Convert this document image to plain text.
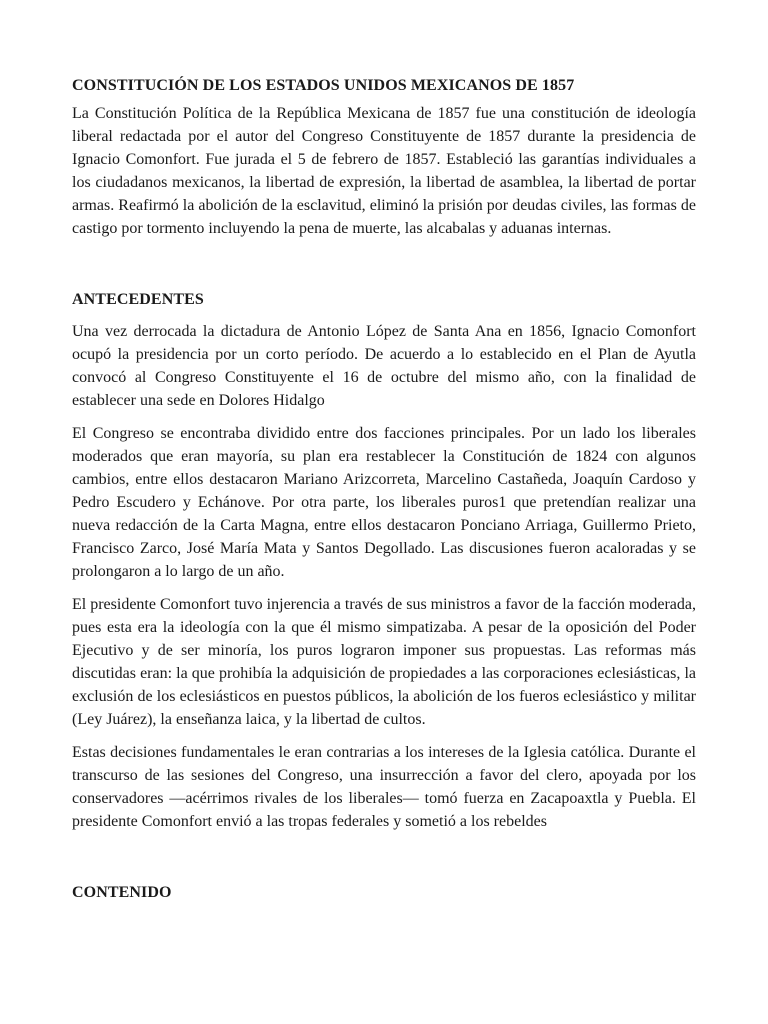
CONSTITUCIÓN DE LOS ESTADOS UNIDOS MEXICANOS DE 1857

La Constitución Política de la República Mexicana de 1857 fue una constitución de ideología liberal redactada por el autor del Congreso Constituyente de 1857 durante la presidencia de Ignacio Comonfort. Fue jurada el 5 de febrero de 1857. Estableció las garantías individuales a los ciudadanos mexicanos, la libertad de expresión, la libertad de asamblea, la libertad de portar armas. Reafirmó la abolición de la esclavitud, eliminó la prisión por deudas civiles, las formas de castigo por tormento incluyendo la pena de muerte, las alcabalas y aduanas internas.

ANTECEDENTES

Una vez derrocada la dictadura de Antonio López de Santa Ana en 1856, Ignacio Comonfort ocupó la presidencia por un corto período. De acuerdo a lo establecido en el Plan de Ayutla convocó al Congreso Constituyente el 16 de octubre del mismo año, con la finalidad de establecer una sede en Dolores Hidalgo

El Congreso se encontraba dividido entre dos facciones principales. Por un lado los liberales moderados que eran mayoría, su plan era restablecer la Constitución de 1824 con algunos cambios, entre ellos destacaron Mariano Arizcorreta, Marcelino Castañeda, Joaquín Cardoso y Pedro Escudero y Echánove. Por otra parte, los liberales puros1 que pretendían realizar una nueva redacción de la Carta Magna, entre ellos destacaron Ponciano Arriaga, Guillermo Prieto, Francisco Zarco, José María Mata y Santos Degollado. Las discusiones fueron acaloradas y se prolongaron a lo largo de un año.

El presidente Comonfort tuvo injerencia a través de sus ministros a favor de la facción moderada, pues esta era la ideología con la que él mismo simpatizaba. A pesar de la oposición del Poder Ejecutivo y de ser minoría, los puros lograron imponer sus propuestas. Las reformas más discutidas eran: la que prohibía la adquisición de propiedades a las corporaciones eclesiásticas, la exclusión de los eclesiásticos en puestos públicos, la abolición de los fueros eclesiástico y militar (Ley Juárez), la enseñanza laica, y la libertad de cultos.

Estas decisiones fundamentales le eran contrarias a los intereses de la Iglesia católica. Durante el transcurso de las sesiones del Congreso, una insurrección a favor del clero, apoyada por los conservadores —acérrimos rivales de los liberales— tomó fuerza en Zacapoaxtla y Puebla. El presidente Comonfort envió a las tropas federales y sometió a los rebeldes

CONTENIDO
